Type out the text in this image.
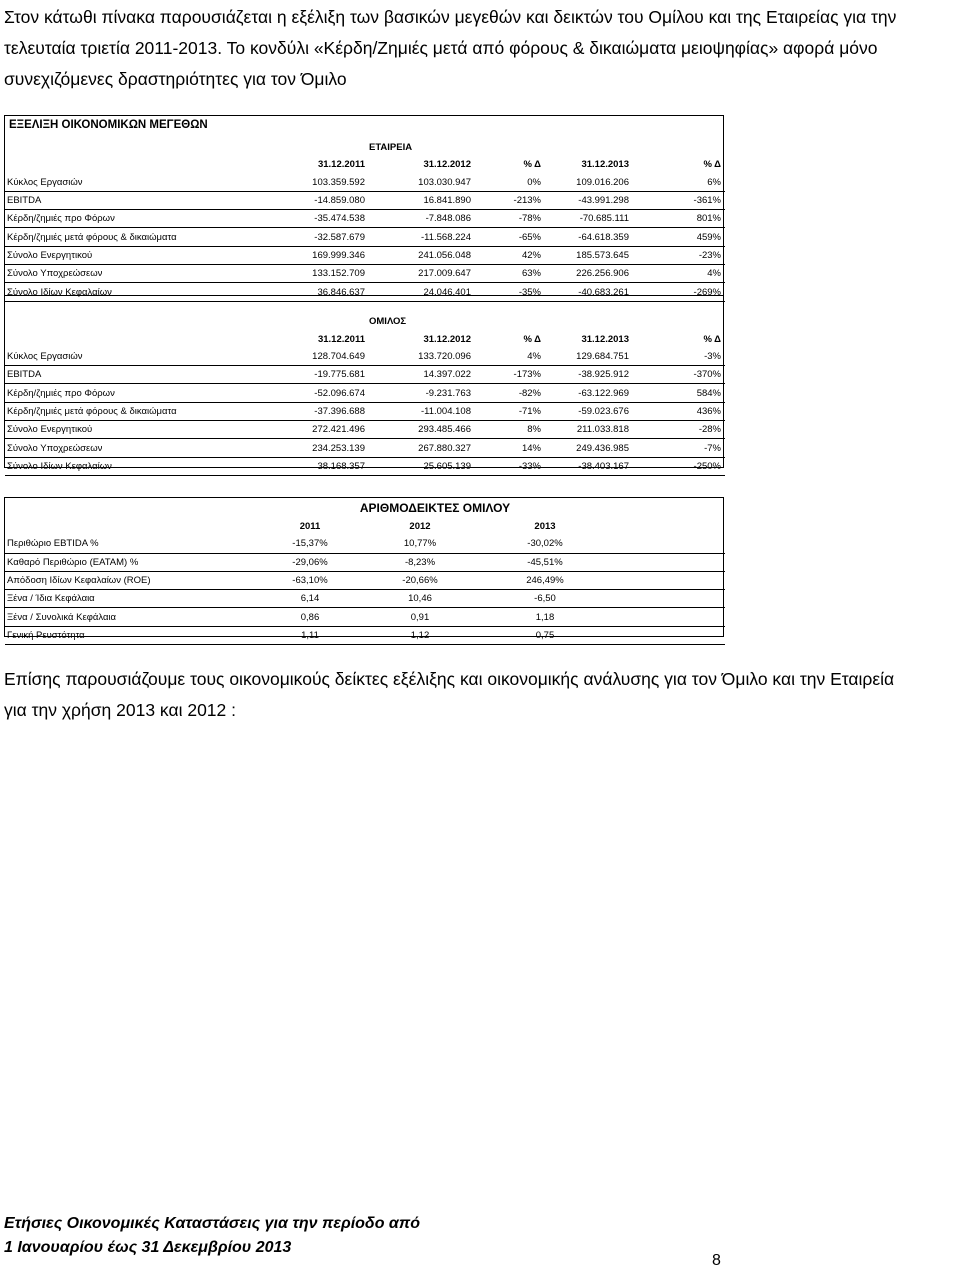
Στον κάτωθι πίνακα παρουσιάζεται η εξέλιξη των βασικών μεγεθών και δεικτών του Ομίλου και της Εταιρείας για την

τελευταία τριετία 2011-2013. Το κονδύλι «Κέρδη/Ζημιές μετά από φόρους & δικαιώματα μειοψηφίας» αφορά μόνο

συνεχιζόμενες δραστηριότητες για τον Όμιλο

ΕΞΕΛΙΞΗ ΟΙΚΟΝΟΜΙΚΩΝ ΜΕΓΕΘΩΝ
		ΕΤΑΙΡΕΙΑ			
	31.12.2011	31.12.2012	% Δ	31.12.2013	% Δ
Κύκλος Εργασιών	103.359.592	103.030.947	0%	109.016.206	6%
EBITDA	-14.859.080	16.841.890	-213%	-43.991.298	-361%
Κέρδη/ζημιές προ Φόρων	-35.474.538	-7.848.086	-78%	-70.685.111	801%
Κέρδη/ζημιές μετά φόρους & δικαιώματα	-32.587.679	-11.568.224	-65%	-64.618.359	459%
Σύνολο Ενεργητικού	169.999.346	241.056.048	42%	185.573.645	-23%
Σύνολο Υποχρεώσεων	133.152.709	217.009.647	63%	226.256.906	4%
Σύνολο Ιδίων Κεφαλαίων	36.846.637	24.046.401	-35%	-40.683.261	-269%

		ΟΜΙΛΟΣ			
	31.12.2011	31.12.2012	% Δ	31.12.2013	% Δ
Κύκλος Εργασιών	128.704.649	133.720.096	4%	129.684.751	-3%
EBITDA	-19.775.681	14.397.022	-173%	-38.925.912	-370%
Κέρδη/ζημιές προ Φόρων	-52.096.674	-9.231.763	-82%	-63.122.969	584%
Κέρδη/ζημιές μετά φόρους & δικαιώματα	-37.396.688	-11.004.108	-71%	-59.023.676	436%
Σύνολο Ενεργητικού	272.421.496	293.485.466	8%	211.033.818	-28%
Σύνολο Υποχρεώσεων	234.253.139	267.880.327	14%	249.436.985	-7%
Σύνολο Ιδίων Κεφαλαίων	38.168.357	25.605.139	-33%	-38.403.167	-250%
	ΑΡΙΘΜΟΔΕΙΚΤΕΣ ΟΜΙΛΟΥ			
	2011	2012	2013	
Περιθώριο EBTIDA %	-15,37%	10,77%	-30,02%	
Καθαρό Περιθώριο (ΕΑΤΑΜ) %	-29,06%	-8,23%	-45,51%	
Απόδοση Ιδίων Κεφαλαίων (ROE)	-63,10%	-20,66%	246,49%	
Ξένα / Ίδια Κεφάλαια	6,14	10,46	-6,50	
Ξένα / Συνολικά Κεφάλαια	0,86	0,91	1,18	
Γενική Ρευστότητα	1,11	1,12	0,75	

Επίσης παρουσιάζουμε τους οικονομικούς δείκτες εξέλιξης και οικονομικής ανάλυσης για τον Όμιλο και την Εταιρεία

για την χρήση 2013 και 2012 :

Ετήσιες Οικονομικές Καταστάσεις για την περίοδο από
1 Ιανουαρίου έως 31 Δεκεμβρίου 2013
8
